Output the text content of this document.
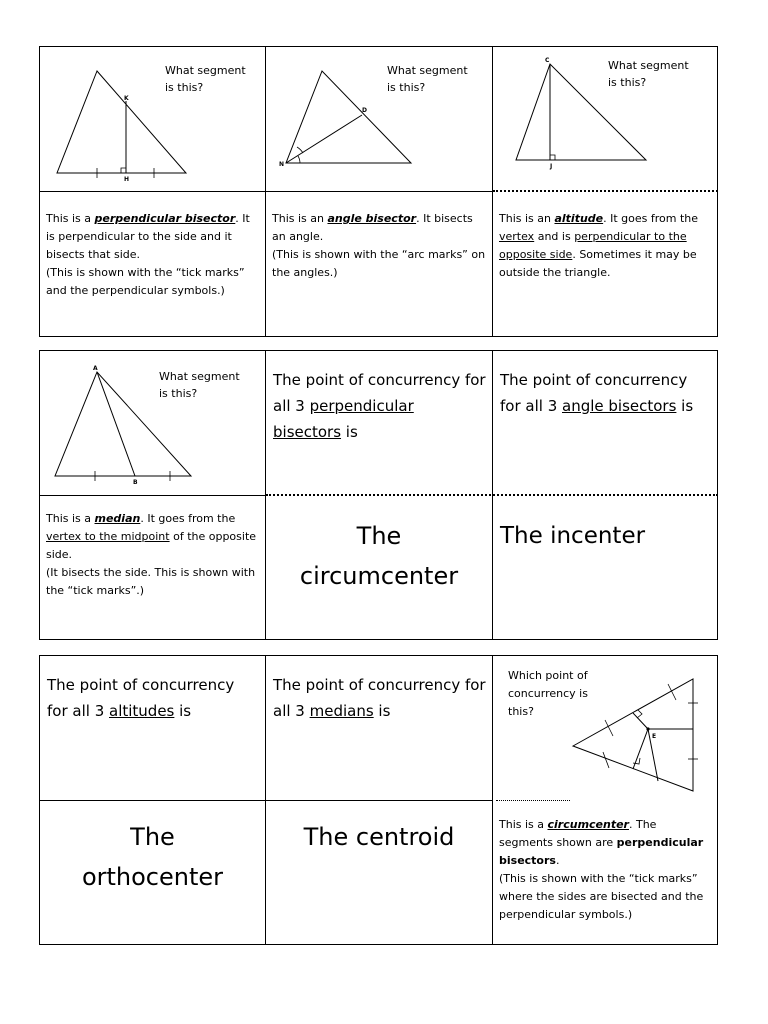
K
H
What segment
is this?
D
N
What segment
is this?
C
J
What segment
is this?
This is a perpendicular bisector. It is perpendicular to the side and it bisects that side.
(This is shown with the “tick marks” and the perpendicular symbols.)
This is an angle bisector. It bisects an angle.
(This is shown with the “arc marks” on the angles.)
This is an altitude. It goes from the vertex and is perpendicular to the opposite side. Sometimes it may be outside the triangle.
A
B
What segment
is this?
The point of concurrency for all 3 perpendicular bisectors is
The point of concurrency for all 3 angle bisectors is
This is a median. It goes from the vertex to the midpoint of the opposite side.
(It bisects the side. This is shown with the “tick marks”.)
The
circumcenter
The incenter
The point of concurrency for all 3 altitudes is
The point of concurrency for all 3 medians is
Which point of
concurrency is
this?
E
The
orthocenter
The centroid	This is a circumcenter. The segments shown are perpendicular bisectors.
(This is shown with the “tick marks” where the sides are bisected and the perpendicular symbols.)
